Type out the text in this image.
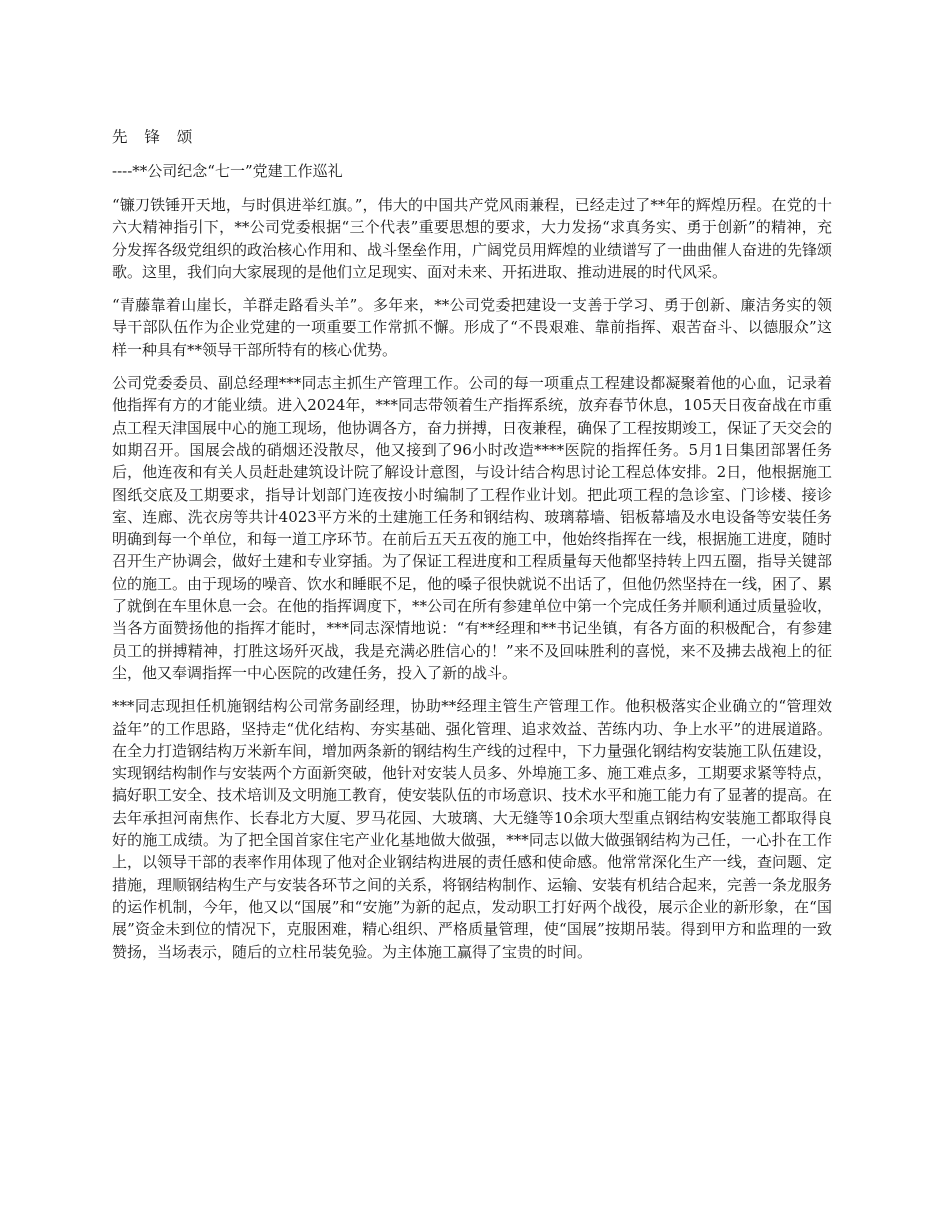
先 锋 颂

----**公司纪念“七一”党建工作巡礼

“镰刀铁锤开天地，与时俱进举红旗。”，伟大的中国共产党风雨兼程，已经走过了**年的辉煌历程。在党的十六大精神指引下，**公司党委根据“三个代表”重要思想的要求，大力发扬“求真务实、勇于创新”的精神，充分发挥各级党组织的政治核心作用和、战斗堡垒作用，广阔党员用辉煌的业绩谱写了一曲曲催人奋进的先锋颂歌。这里，我们向大家展现的是他们立足现实、面对未来、开拓进取、推动进展的时代风采。

“青藤靠着山崖长，羊群走路看头羊”。多年来，**公司党委把建设一支善于学习、勇于创新、廉洁务实的领导干部队伍作为企业党建的一项重要工作常抓不懈。形成了“不畏艰难、靠前指挥、艰苦奋斗、以德服众”这样一种具有**领导干部所特有的核心优势。

公司党委委员、副总经理***同志主抓生产管理工作。公司的每一项重点工程建设都凝聚着他的心血，记录着他指挥有方的才能业绩。进入2024年，***同志带领着生产指挥系统，放弃春节休息，105天日夜奋战在市重点工程天津国展中心的施工现场，他协调各方，奋力拼搏，日夜兼程，确保了工程按期竣工，保证了天交会的如期召开。国展会战的硝烟还没散尽，他又接到了96小时改造****医院的指挥任务。5月1日集团部署任务后，他连夜和有关人员赶赴建筑设计院了解设计意图，与设计结合构思讨论工程总体安排。2日，他根据施工图纸交底及工期要求，指导计划部门连夜按小时编制了工程作业计划。把此项工程的急诊室、门诊楼、接诊室、连廊、洗衣房等共计4023平方米的土建施工任务和钢结构、玻璃幕墙、铝板幕墙及水电设备等安装任务明确到每一个单位，和每一道工序环节。在前后五天五夜的施工中，他始终指挥在一线，根据施工进度，随时召开生产协调会，做好土建和专业穿插。为了保证工程进度和工程质量每天他都坚持转上四五圈，指导关键部位的施工。由于现场的噪音、饮水和睡眠不足，他的嗓子很快就说不出话了，但他仍然坚持在一线，困了、累了就倒在车里休息一会。在他的指挥调度下，**公司在所有参建单位中第一个完成任务并顺利通过质量验收，当各方面赞扬他的指挥才能时，***同志深情地说：“有**经理和**书记坐镇，有各方面的积极配合，有参建员工的拼搏精神，打胜这场歼灭战，我是充满必胜信心的！”来不及回味胜利的喜悦，来不及拂去战袍上的征尘，他又奉调指挥一中心医院的改建任务，投入了新的战斗。

***同志现担任机施钢结构公司常务副经理，协助**经理主管生产管理工作。他积极落实企业确立的“管理效益年”的工作思路，坚持走“优化结构、夯实基础、强化管理、追求效益、苦练内功、争上水平”的进展道路。在全力打造钢结构万米新车间，增加两条新的钢结构生产线的过程中，下力量强化钢结构安装施工队伍建设，实现钢结构制作与安装两个方面新突破，他针对安装人员多、外埠施工多、施工难点多，工期要求紧等特点，搞好职工安全、技术培训及文明施工教育，使安装队伍的市场意识、技术水平和施工能力有了显著的提高。在去年承担河南焦作、长春北方大厦、罗马花园、大玻璃、大无缝等10余项大型重点钢结构安装施工都取得良好的施工成绩。为了把全国首家住宅产业化基地做大做强，***同志以做大做强钢结构为己任，一心扑在工作上，以领导干部的表率作用体现了他对企业钢结构进展的责任感和使命感。他常常深化生产一线，查问题、定措施，理顺钢结构生产与安装各环节之间的关系，将钢结构制作、运输、安装有机结合起来，完善一条龙服务的运作机制，今年，他又以“国展”和“安施”为新的起点，发动职工打好两个战役，展示企业的新形象，在“国展”资金未到位的情况下，克服困难，精心组织、严格质量管理，使“国展”按期吊装。得到甲方和监理的一致赞扬，当场表示，随后的立柱吊装免验。为主体施工赢得了宝贵的时间。
